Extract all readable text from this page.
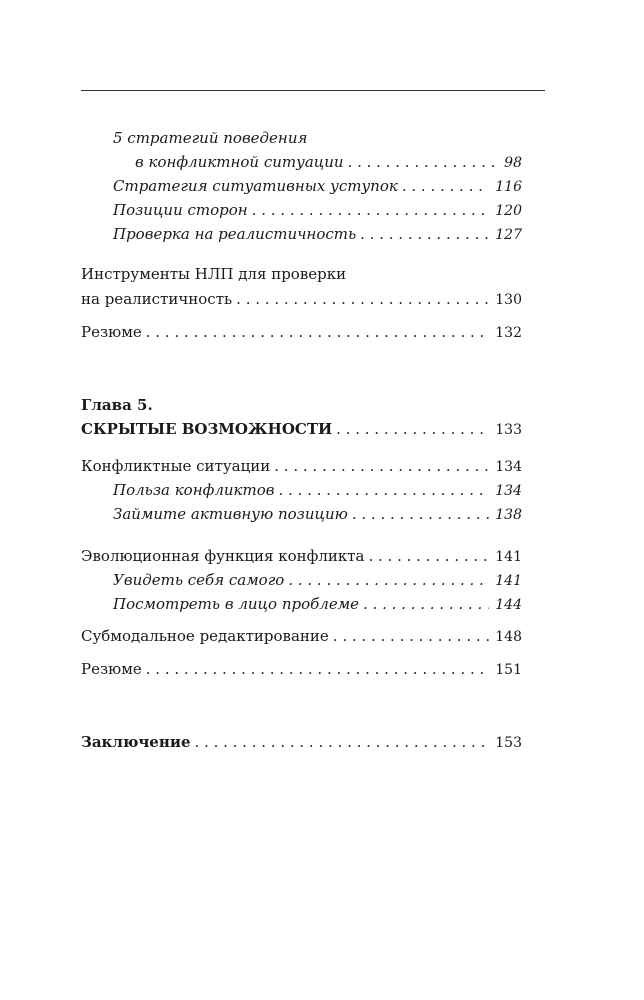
5 стратегий поведения
в конфликтной ситуации . . .	98
Стратегия ситуативных уступок . . .	116
Позиции сторон . . .	120
Проверка на реалистичность . . .	127
Инструменты НЛП для проверки
на реалистичность . . .	130
Резюме . . .	132
Глава 5.
СКРЫТЫЕ ВОЗМОЖНОСТИ . . .	133
Конфликтные ситуации . . .	134
Польза конфликтов . . .	134
Займите активную позицию . . .	138
Эволюционная функция конфликта . . .	141
Увидеть себя самого . . .	141
Посмотреть в лицо проблеме . . .	144
Субмодальное редактирование . . .	148
Резюме . . .	151
Заключение . . .	153
